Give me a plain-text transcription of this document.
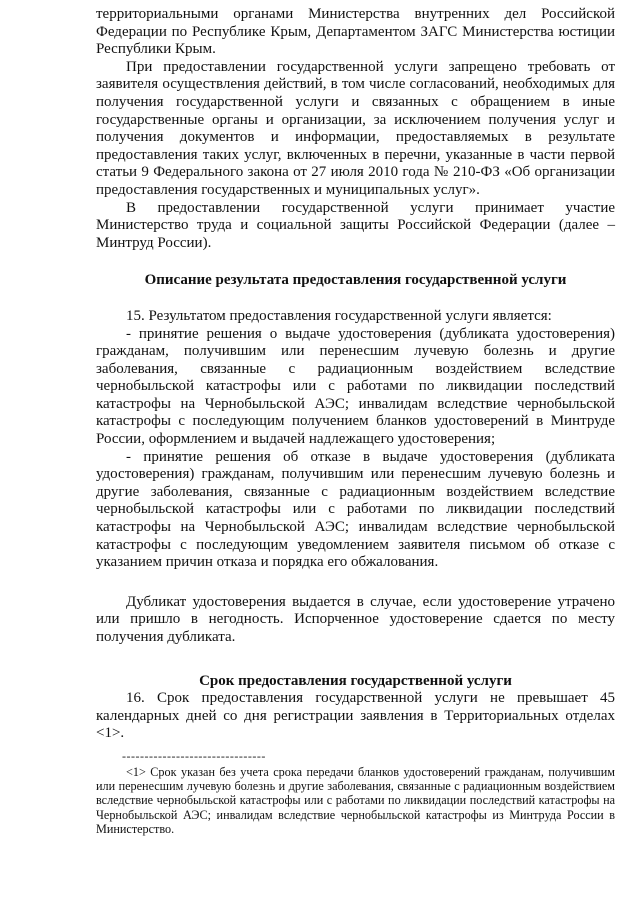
территориальными органами Министерства внутренних дел Российской Федерации по Республике Крым, Департаментом ЗАГС Министерства юстиции Республики Крым.

При предоставлении государственной услуги запрещено требовать от заявителя осуществления действий, в том числе согласований, необходимых для получения государственной услуги и связанных с обращением в иные государственные органы и организации, за исключением получения услуг и получения документов и информации, предоставляемых в результате предоставления таких услуг, включенных в перечни, указанные в части первой статьи 9 Федерального закона от 27 июля 2010 года № 210-ФЗ «Об организации предоставления государственных и муниципальных услуг».

В предоставлении государственной услуги принимает участие Министерство труда и социальной защиты Российской Федерации (далее – Минтруд России).

Описание результата предоставления государственной услуги

15. Результатом предоставления государственной услуги является:

- принятие решения о выдаче удостоверения (дубликата удостоверения) гражданам, получившим или перенесшим лучевую болезнь и другие заболевания, связанные с радиационным воздействием вследствие чернобыльской катастрофы или с работами по ликвидации последствий катастрофы на Чернобыльской АЭС; инвалидам вследствие чернобыльской катастрофы с последующим получением бланков удостоверений в Минтруде России, оформлением и выдачей надлежащего удостоверения;

- принятие решения об отказе в выдаче удостоверения (дубликата удостоверения) гражданам, получившим или перенесшим лучевую болезнь и другие заболевания, связанные с радиационным воздействием вследствие чернобыльской катастрофы или с работами по ликвидации последствий катастрофы на Чернобыльской АЭС; инвалидам вследствие чернобыльской катастрофы с последующим уведомлением заявителя письмом об отказе с указанием причин отказа и порядка его обжалования.

Дубликат удостоверения выдается в случае, если удостоверение утрачено или пришло в негодность. Испорченное удостоверение сдается по месту получения дубликата.

Срок предоставления государственной услуги

16. Срок предоставления государственной услуги не превышает 45 календарных дней со дня регистрации заявления в Территориальных отделах <1>.

--------------------------------

<1> Срок указан без учета срока передачи бланков удостоверений гражданам, получившим или перенесшим лучевую болезнь и другие заболевания, связанные с радиационным воздействием вследствие чернобыльской катастрофы или с работами по ликвидации последствий катастрофы на Чернобыльской АЭС; инвалидам вследствие чернобыльской катастрофы из Минтруда России в Министерство.
